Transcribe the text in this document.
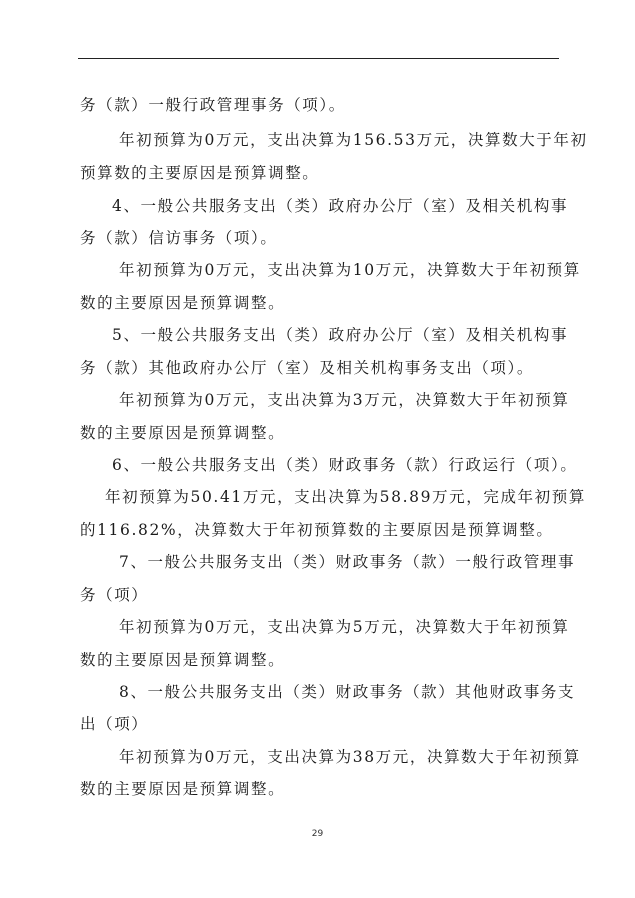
务（款）一般行政管理事务（项）。
年初预算为0万元，支出决算为156.53万元，决算数大于年初
预算数的主要原因是预算调整。
4、一般公共服务支出（类）政府办公厅（室）及相关机构事
务（款）信访事务（项）。
年初预算为0万元，支出决算为10万元，决算数大于年初预算
数的主要原因是预算调整。
5、一般公共服务支出（类）政府办公厅（室）及相关机构事
务（款）其他政府办公厅（室）及相关机构事务支出（项）。
年初预算为0万元，支出决算为3万元，决算数大于年初预算
数的主要原因是预算调整。
6、一般公共服务支出（类）财政事务（款）行政运行（项）。
年初预算为50.41万元，支出决算为58.89万元，完成年初预算
的116.82%，决算数大于年初预算数的主要原因是预算调整。
7、一般公共服务支出（类）财政事务（款）一般行政管理事
务（项）
年初预算为0万元，支出决算为5万元，决算数大于年初预算
数的主要原因是预算调整。
8、一般公共服务支出（类）财政事务（款）其他财政事务支
出（项）
年初预算为0万元，支出决算为38万元，决算数大于年初预算
数的主要原因是预算调整。
29
